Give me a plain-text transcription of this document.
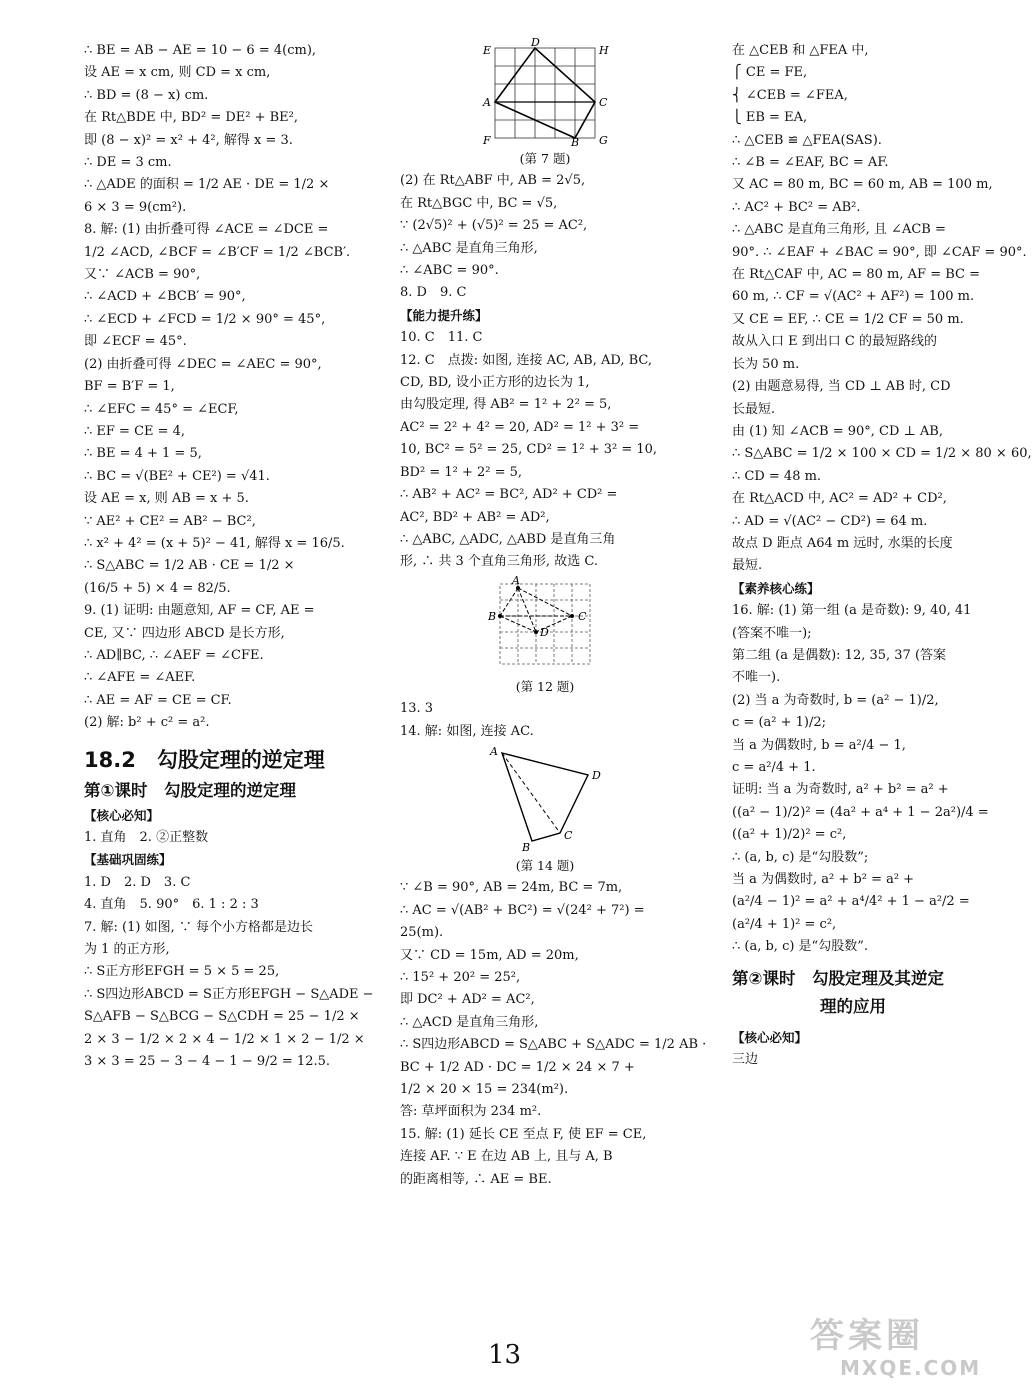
∴ BE = AB − AE = 10 − 6 = 4(cm),
设 AE = x cm, 则 CD = x cm,
∴ BD = (8 − x) cm.
在 Rt△BDE 中, BD² = DE² + BE²,
即 (8 − x)² = x² + 4², 解得 x = 3.
∴ DE = 3 cm.
∴ △ADE 的面积 = 1/2 AE · DE = 1/2 ×
6 × 3 = 9(cm²).
8. 解: (1) 由折叠可得 ∠ACE = ∠DCE =
1/2 ∠ACD, ∠BCF = ∠B′CF = 1/2 ∠BCB′.
又∵ ∠ACB = 90°,
∴ ∠ACD + ∠BCB′ = 90°,
∴ ∠ECD + ∠FCD = 1/2 × 90° = 45°,
即 ∠ECF = 45°.
(2) 由折叠可得 ∠DEC = ∠AEC = 90°,
BF = B′F = 1,
∴ ∠EFC = 45° = ∠ECF,
∴ EF = CE = 4,
∴ BE = 4 + 1 = 5,
∴ BC = √(BE² + CE²) = √41.
设 AE = x, 则 AB = x + 5.
∵ AE² + CE² = AB² − BC²,
∴ x² + 4² = (x + 5)² − 41, 解得 x = 16/5.
∴ S△ABC = 1/2 AB · CE = 1/2 ×
(16/5 + 5) × 4 = 82/5.
9. (1) 证明: 由题意知, AF = CF, AE =
CE, 又∵ 四边形 ABCD 是长方形,
∴ AD∥BC, ∴ ∠AEF = ∠CFE.
∴ ∠AFE = ∠AEF.
∴ AE = AF = CE = CF.
(2) 解: b² + c² = a².
18.2　勾股定理的逆定理
第①课时　勾股定理的逆定理
【核心必知】
1. 直角　2. ②正整数
【基础巩固练】
1. D　2. D　3. C
4. 直角　5. 90°　6. 1 : 2 : 3
7. 解: (1) 如图, ∵ 每个小方格都是边长
为 1 的正方形,
∴ S正方形EFGH = 5 × 5 = 25,
∴ S四边形ABCD = S正方形EFGH − S△ADE −
S△AFB − S△BCG − S△CDH = 25 − 1/2 ×
2 × 3 − 1/2 × 2 × 4 − 1/2 × 1 × 2 − 1/2 ×
3 × 3 = 25 − 3 − 4 − 1 − 9/2 = 12.5.
E
D
H
A	C
F	B G
(第 7 题)
(2) 在 Rt△ABF 中, AB = 2√5,
在 Rt△BGC 中, BC = √5,
∵ (2√5)² + (√5)² = 25 = AC²,
∴ △ABC 是直角三角形,
∴ ∠ABC = 90°.
8. D　9. C
【能力提升练】
10. C　11. C
12. C　点拨: 如图, 连接 AC, AB, AD, BC,
CD, BD, 设小正方形的边长为 1,
由勾股定理, 得 AB² = 1² + 2² = 5,
AC² = 2² + 4² = 20, AD² = 1² + 3² =
10, BC² = 5² = 25, CD² = 1² + 3² = 10,
BD² = 1² + 2² = 5,
∴ AB² + AC² = BC², AD² + CD² =
AC², BD² + AB² = AD²,
∴ △ABC, △ADC, △ABD 是直角三角
形, ∴ 共 3 个直角三角形, 故选 C.
A
B	C
D
(第 12 题)
13. 3
14. 解: 如图, 连接 AC.
A
D
B
C
(第 14 题)
∵ ∠B = 90°, AB = 24m, BC = 7m,
∴ AC = √(AB² + BC²) = √(24² + 7²) =
25(m).
又∵ CD = 15m, AD = 20m,
∴ 15² + 20² = 25²,
即 DC² + AD² = AC²,
∴ △ACD 是直角三角形,
∴ S四边形ABCD = S△ABC + S△ADC = 1/2 AB ·
BC + 1/2 AD · DC = 1/2 × 24 × 7 +
1/2 × 20 × 15 = 234(m²).
答: 草坪面积为 234 m².
15. 解: (1) 延长 CE 至点 F, 使 EF = CE,
连接 AF. ∵ E 在边 AB 上, 且与 A, B
的距离相等, ∴ AE = BE.
在 △CEB 和 △FEA 中,
⎧ CE = FE,
⎨ ∠CEB = ∠FEA,
⎩ EB = EA,
∴ △CEB ≌ △FEA(SAS).
∴ ∠B = ∠EAF, BC = AF.
又 AC = 80 m, BC = 60 m, AB = 100 m,
∴ AC² + BC² = AB².
∴ △ABC 是直角三角形, 且 ∠ACB =
90°. ∴ ∠EAF + ∠BAC = 90°, 即 ∠CAF = 90°.
在 Rt△CAF 中, AC = 80 m, AF = BC =
60 m, ∴ CF = √(AC² + AF²) = 100 m.
又 CE = EF, ∴ CE = 1/2 CF = 50 m.
故从入口 E 到出口 C 的最短路线的
长为 50 m.
(2) 由题意易得, 当 CD ⊥ AB 时, CD
长最短.
由 (1) 知 ∠ACB = 90°, CD ⊥ AB,
∴ S△ABC = 1/2 × 100 × CD = 1/2 × 80 × 60,
∴ CD = 48 m.
在 Rt△ACD 中, AC² = AD² + CD²,
∴ AD = √(AC² − CD²) = 64 m.
故点 D 距点 A64 m 远时, 水渠的长度
最短.
【素养核心练】
16. 解: (1) 第一组 (a 是奇数): 9, 40, 41
(答案不唯一);
第二组 (a 是偶数): 12, 35, 37 (答案
不唯一).
(2) 当 a 为奇数时, b = (a² − 1)/2,
c = (a² + 1)/2;
当 a 为偶数时, b = a²/4 − 1,
c = a²/4 + 1.
证明: 当 a 为奇数时, a² + b² = a² +
((a² − 1)/2)² = (4a² + a⁴ + 1 − 2a²)/4 =
((a² + 1)/2)² = c²,
∴ (a, b, c) 是“勾股数”;
当 a 为偶数时, a² + b² = a² +
(a²/4 − 1)² = a² + a⁴/4² + 1 − a²/2 =
(a²/4 + 1)² = c²,
∴ (a, b, c) 是“勾股数”.
第②课时　勾股定理及其逆定
理的应用
【核心必知】
三边
13	答案圈
MXQE.COM
